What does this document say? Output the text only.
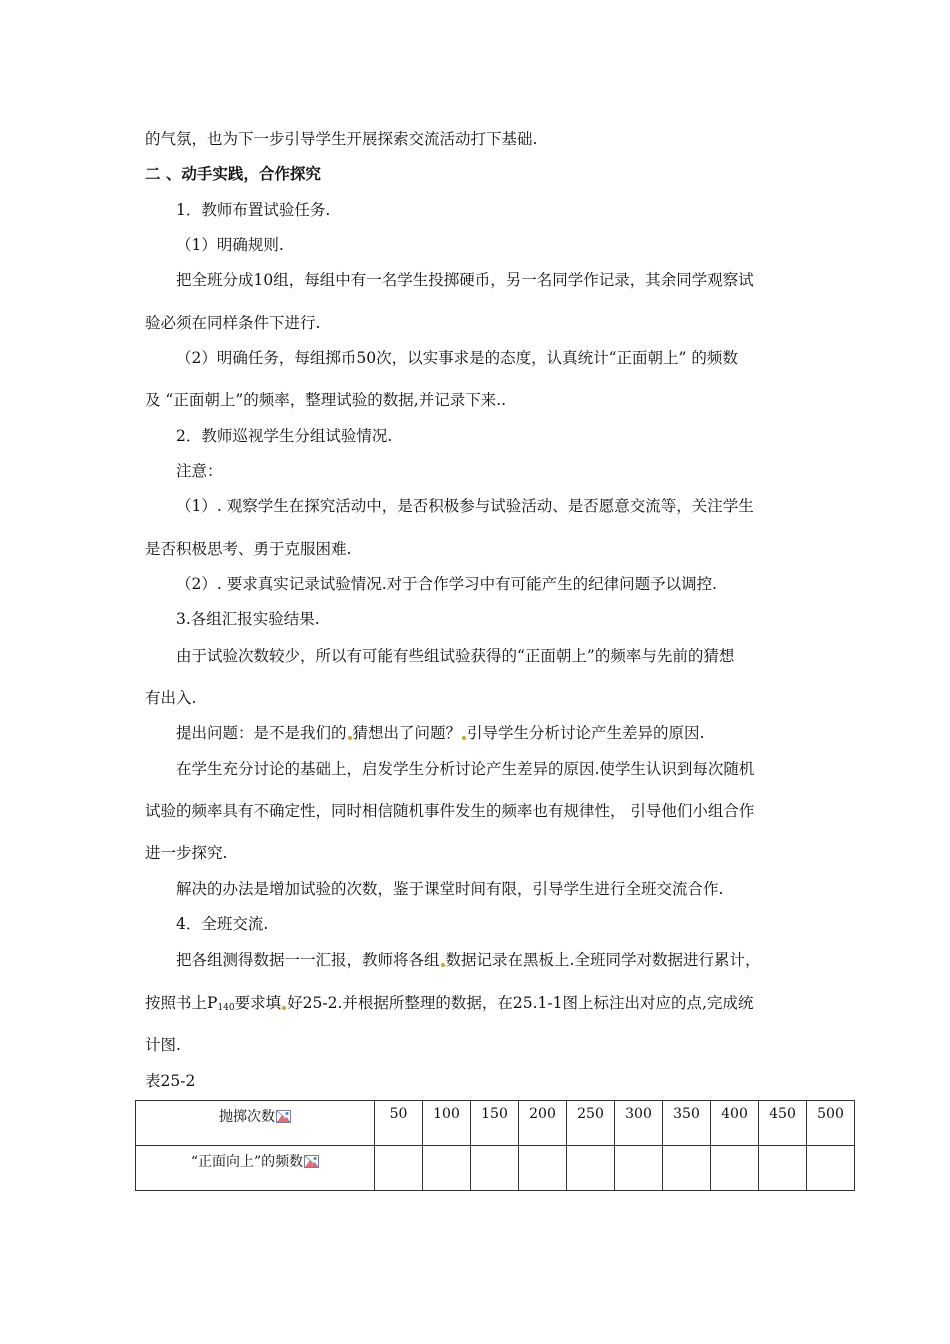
的气氛，也为下一步引导学生开展探索交流活动打下基础.
二 、动手实践，合作探究
1．教师布置试验任务.
（1）明确规则.
把全班分成10组，每组中有一名学生投掷硬币，另一名同学作记录，其余同学观察试
验必须在同样条件下进行.
（2）明确任务，每组掷币50次，以实事求是的态度，认真统计“正面朝上” 的频数
及 “正面朝上”的频率，整理试验的数据,并记录下来..
2．教师巡视学生分组试验情况.
注意：
（1）. 观察学生在探究活动中，是否积极参与试验活动、是否愿意交流等，关注学生
是否积极思考、勇于克服困难.
（2）. 要求真实记录试验情况.对于合作学习中有可能产生的纪律问题予以调控.
3.各组汇报实验结果.
由于试验次数较少，所以有可能有些组试验获得的“正面朝上”的频率与先前的猜想
有出入.
提出问题：是不是我们的 猜想出了问题？ 引导学生分析讨论产生差异的原因.
在学生充分讨论的基础上，启发学生分析讨论产生差异的原因.使学生认识到每次随机
试验的频率具有不确定性，同时相信随机事件发生的频率也有规律性， 引导他们小组合作
进一步探究.
解决的办法是增加试验的次数，鉴于课堂时间有限，引导学生进行全班交流合作.
4．全班交流.
把各组测得数据一一汇报，教师将各组 数据记录在黑板上.全班同学对数据进行累计，
按照书上$P_{140}$要求填 好25-2.并根据所整理的数据，在25.1-1图上标注出对应的点,完成统
计图.
表25-2
抛掷次数	50	100	150	200	250	300	350	400	450	500
“正面向上”的频数										
